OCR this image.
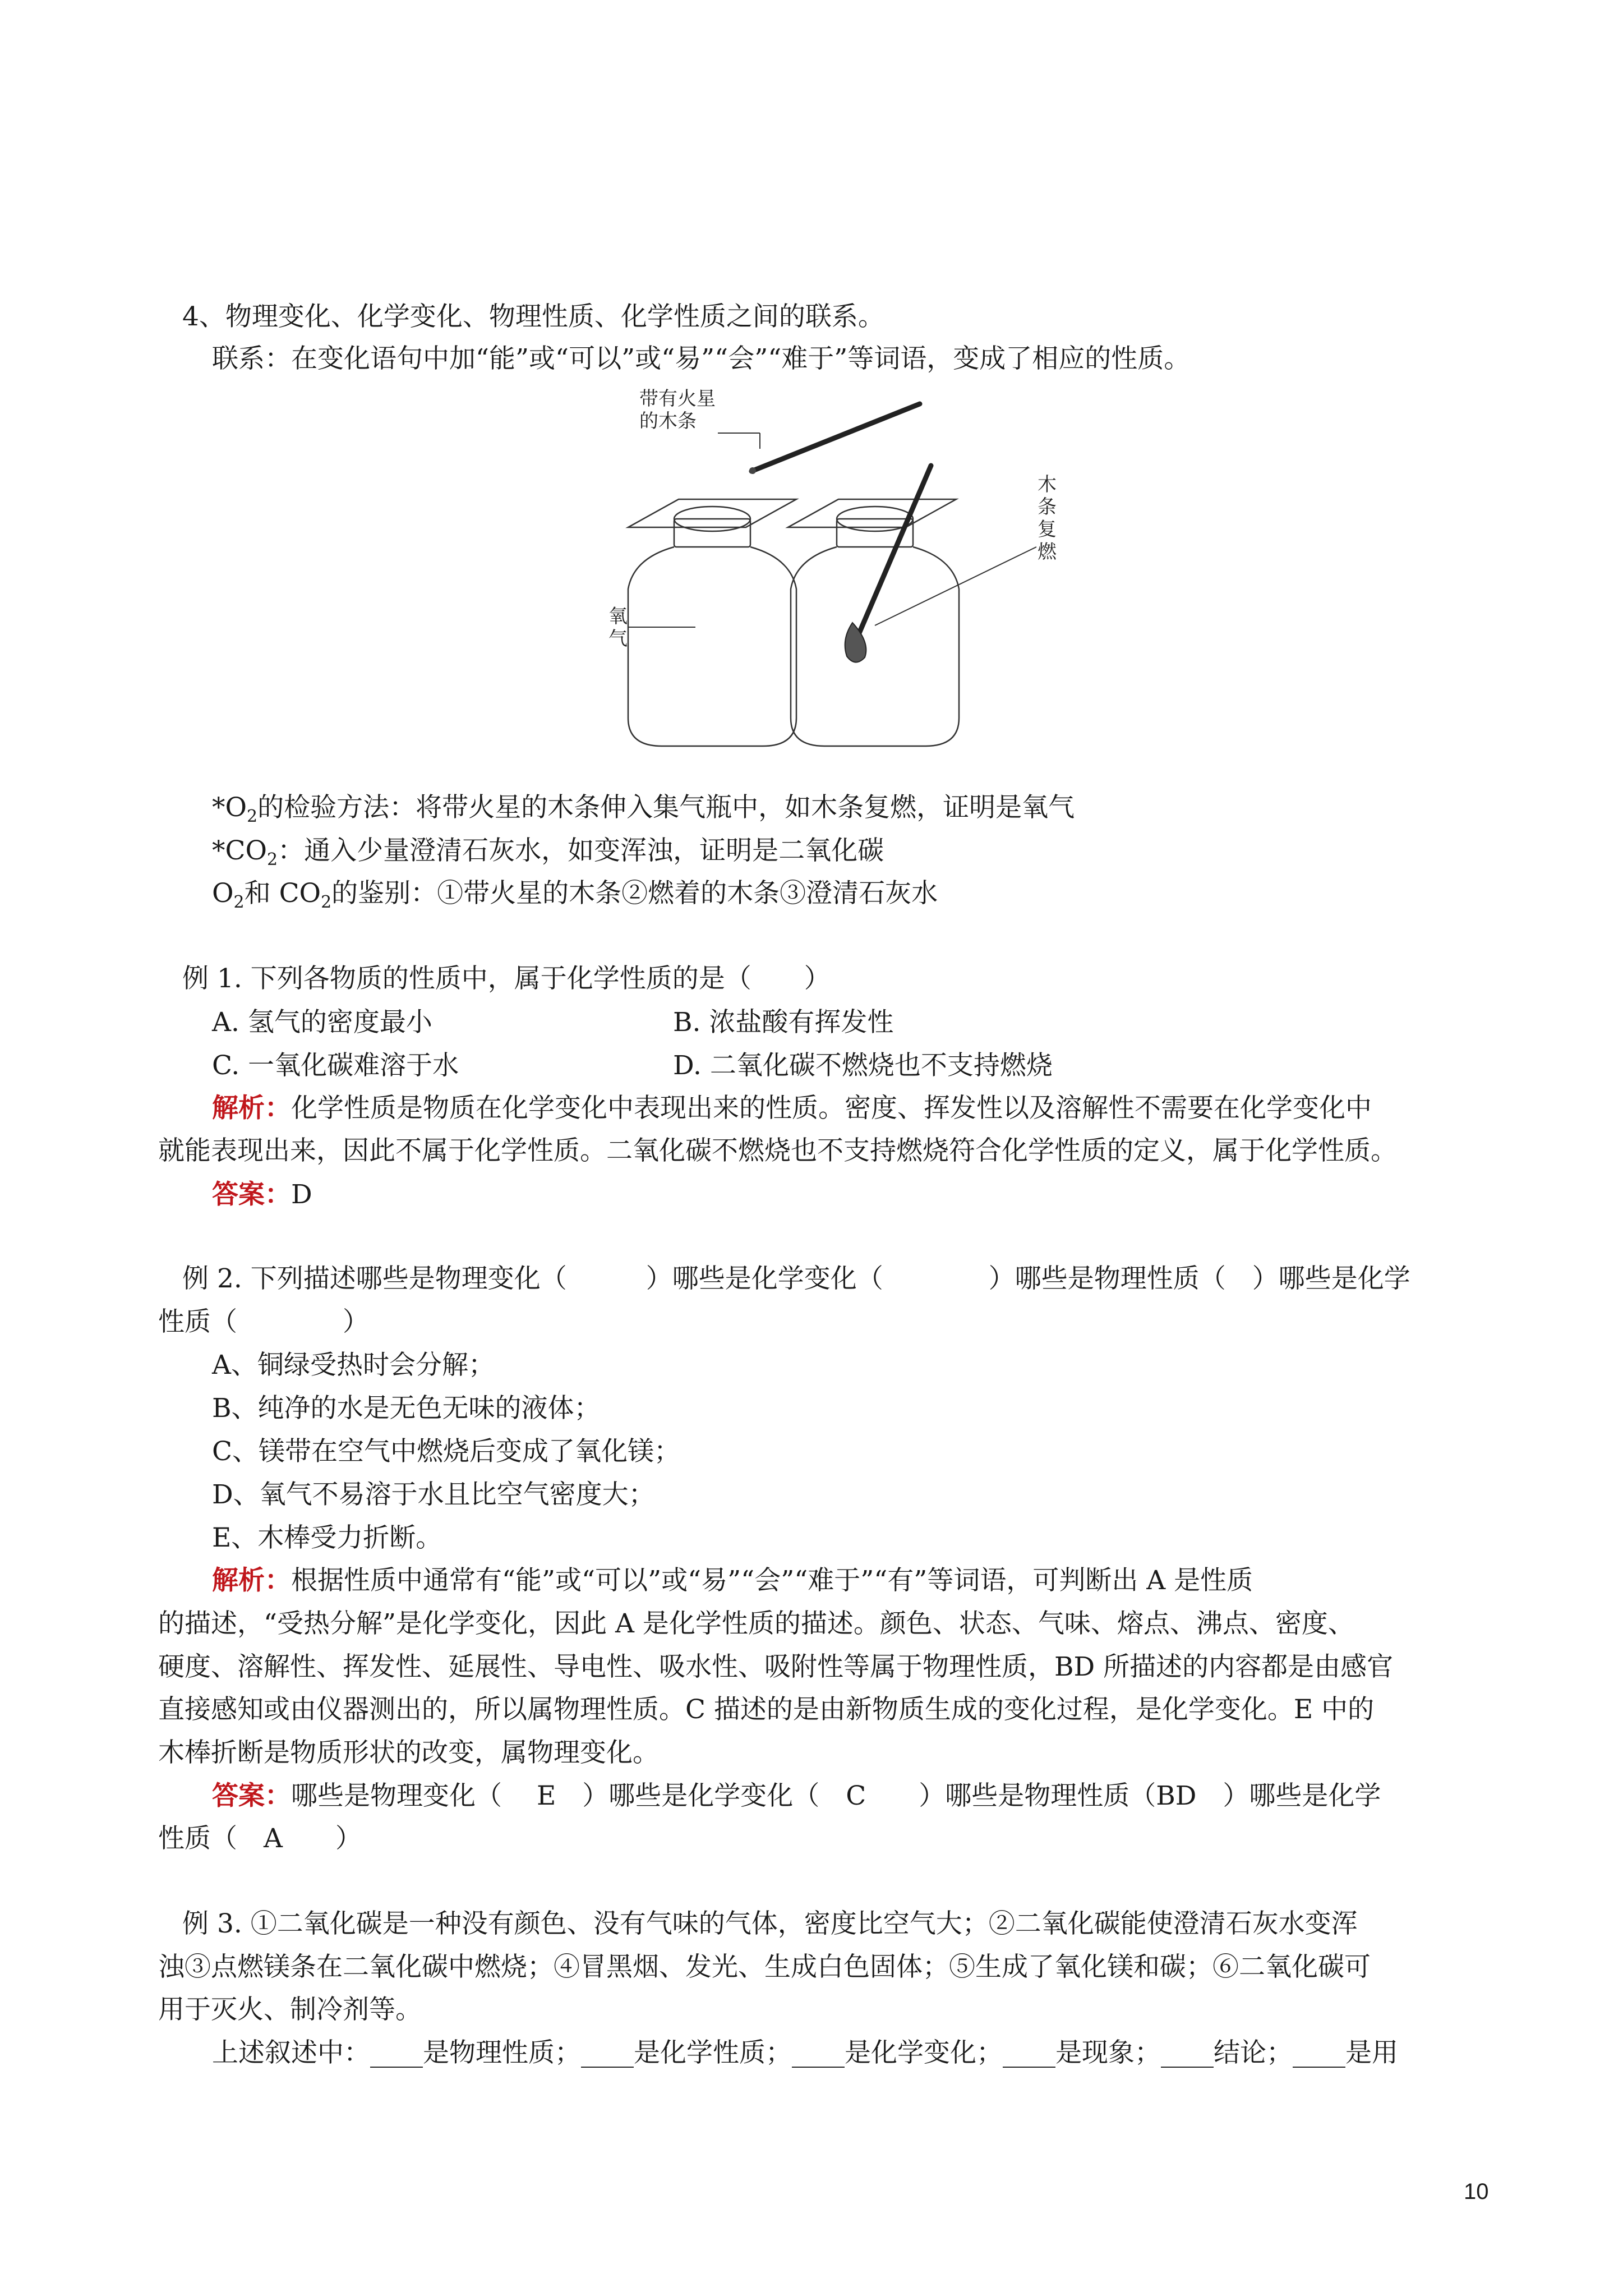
4、物理变化、化学变化、物理性质、化学性质之间的联系。
联系：在变化语句中加“能”或“可以”或“易”“会”“难于”等词语，变成了相应的性质。
带有火星
的木条
氧
气
木
条
复
燃
$*O_2$的检验方法：将带火星的木条伸入集气瓶中，如木条复燃，证明是氧气
$*CO_2$：通入少量澄清石灰水，如变浑浊，证明是二氧化碳
$O_2$和 $CO_2$的鉴别：①带火星的木条②燃着的木条③澄清石灰水
例 1. 下列各物质的性质中，属于化学性质的是（　　）
A. 氢气的密度最小	B. 浓盐酸有挥发性
C. 一氧化碳难溶于水	D. 二氧化碳不燃烧也不支持燃烧
解析：化学性质是物质在化学变化中表现出来的性质。密度、挥发性以及溶解性不需要在化学变化中
就能表现出来，因此不属于化学性质。二氧化碳不燃烧也不支持燃烧符合化学性质的定义，属于化学性质。
答案：D
例 2. 下列描述哪些是物理变化（　　　）哪些是化学变化（　　　　）哪些是物理性质（　）哪些是化学
性质（　　　　）
A、铜绿受热时会分解；
B、纯净的水是无色无味的液体；
C、镁带在空气中燃烧后变成了氧化镁；
D、氧气不易溶于水且比空气密度大；
E、木棒受力折断。
解析：根据性质中通常有“能”或“可以”或“易”“会”“难于”“有”等词语，可判断出 A 是性质
的描述，“受热分解”是化学变化，因此 A 是化学性质的描述。颜色、状态、气味、熔点、沸点、密度、
硬度、溶解性、挥发性、延展性、导电性、吸水性、吸附性等属于物理性质，BD 所描述的内容都是由感官
直接感知或由仪器测出的，所以属物理性质。C 描述的是由新物质生成的变化过程，是化学变化。E 中的
木棒折断是物质形状的改变，属物理变化。
答案：哪些是物理变化（　 E　）哪些是化学变化（　C　　）哪些是物理性质（BD　）哪些是化学
性质（　A　　）
例 3. ①二氧化碳是一种没有颜色、没有气味的气体，密度比空气大；②二氧化碳能使澄清石灰水变浑
浊③点燃镁条在二氧化碳中燃烧；④冒黑烟、发光、生成白色固体；⑤生成了氧化镁和碳；⑥二氧化碳可
用于灭火、制冷剂等。
上述叙述中：____是物理性质；____是化学性质；____是化学变化；____是现象；____结论；____是用
10
